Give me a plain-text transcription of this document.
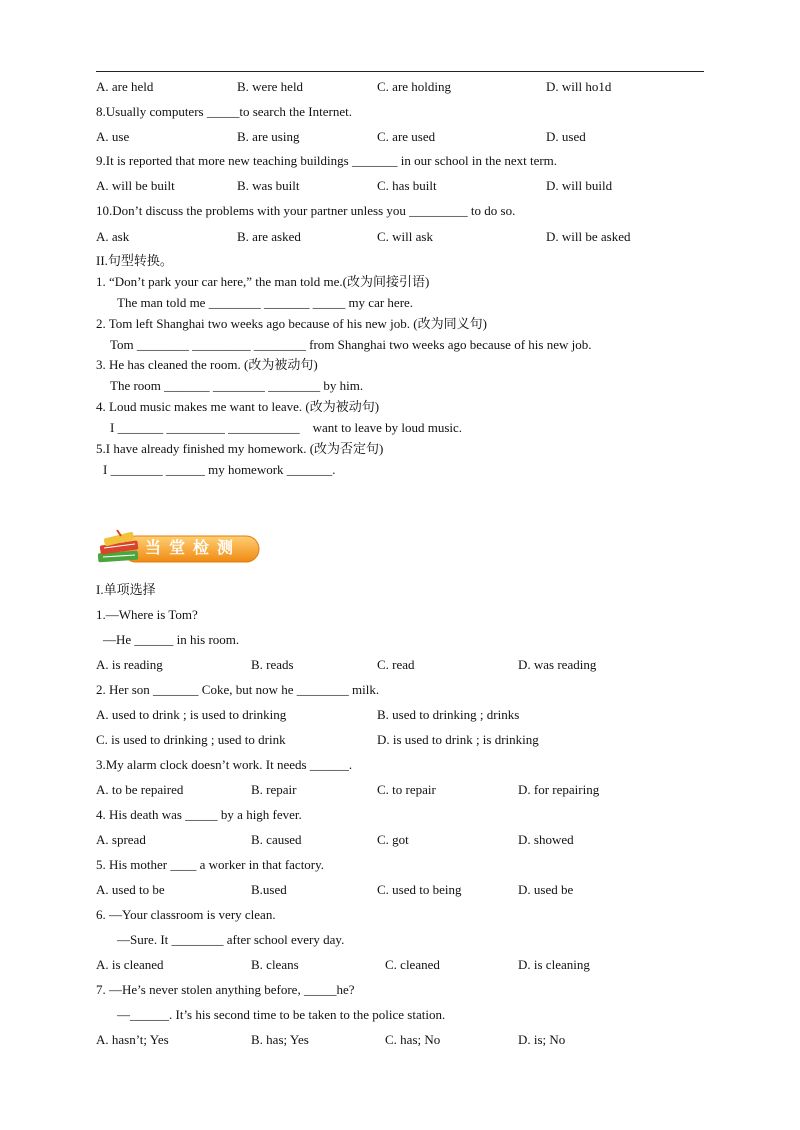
A. are held	B. were held	C. are holding	D. will ho1d
8.Usually computers _____to search the Internet.
A. use	B. are using	C. are used	D. used
9.It is reported that more new teaching buildings _______ in our school in the next term.
A. will be built	B. was built	C. has built	D. will build
10.Don’t discuss the problems with your partner unless you _________ to do so.
A. ask	B. are asked	C. will ask	D. will be asked
II.句型转换。
1. “Don’t park your car here,” the man told me.(改为间接引语)
The man told me ________ _______ _____ my car here.
2. Tom left Shanghai two weeks ago because of his new job. (改为同义句)
Tom ________ _________ ________ from Shanghai two weeks ago because of his new job.
3. He has cleaned the room. (改为被动句)
The room _______ ________ ________ by him.
4. Loud music makes me want to leave. (改为被动句)
I _______ _________ ___________    want to leave by loud music.
5.I have already finished my homework. (改为否定句)
I ________ ______ my homework _______.
当堂检测
I.单项选择
1.—Where is Tom?
—He ______ in his room.
A. is reading	B. reads	C. read	D. was reading
2. Her son _______ Coke, but now he ________ milk.
A. used to drink ; is used to drinking	B. used to drinking ; drinks
C. is used to drinking ; used to drink	D. is used to drink ; is drinking
3.My alarm clock doesn’t work. It needs ______.
A. to be repaired	B. repair	C. to repair	D. for repairing
4. His death was _____ by a high fever.
A. spread	B. caused	C. got	D. showed
5. His mother ____ a worker in that factory.
A. used to be	B.used	C. used to being	D. used be
6. —Your classroom is very clean.
—Sure. It ________ after school every day.
A. is cleaned	B. cleans	C. cleaned	D. is cleaning
7. —He’s never stolen anything before, _____he?
—______. It’s his second time to be taken to the police station.
A. hasn’t; Yes	B. has; Yes	C. has; No	D. is; No
